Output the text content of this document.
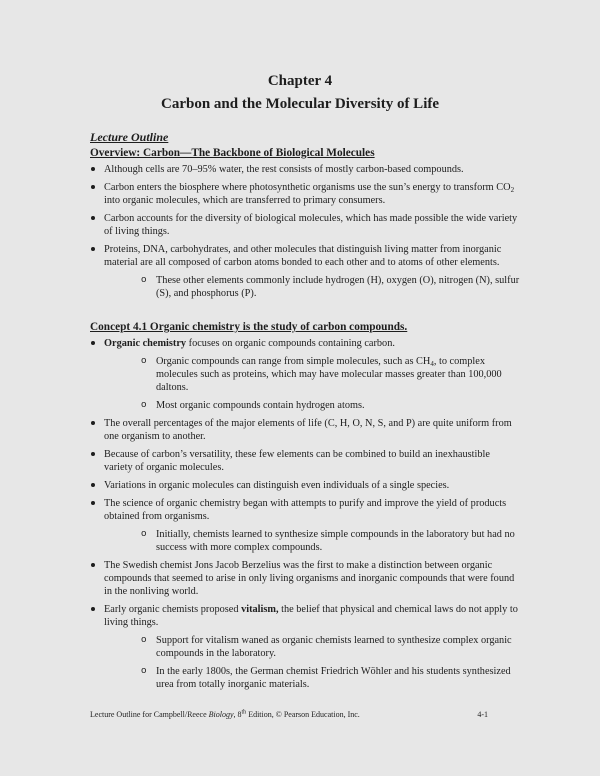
Chapter 4

Carbon and the Molecular Diversity of Life

Lecture Outline

Overview: Carbon—The Backbone of Biological Molecules

Although cells are 70–95% water, the rest consists of mostly carbon-based compounds.
Carbon enters the biosphere where photosynthetic organisms use the sun’s energy to transform $CO_2$ into organic molecules, which are transferred to primary consumers.
Carbon accounts for the diversity of biological molecules, which has made possible the wide variety of living things.
Proteins, DNA, carbohydrates, and other molecules that distinguish living matter from inorganic material are all composed of carbon atoms bonded to each other and to atoms of other elements.
o These other elements commonly include hydrogen (H), oxygen (O), nitrogen (N), sulfur (S), and phosphorus (P).

Concept 4.1 Organic chemistry is the study of carbon compounds.

Organic chemistry focuses on organic compounds containing carbon.
o Organic compounds can range from simple molecules, such as $CH_4$, to complex molecules such as proteins, which may have molecular masses greater than 100,000 daltons.
o Most organic compounds contain hydrogen atoms.
The overall percentages of the major elements of life (C, H, O, N, S, and P) are quite uniform from one organism to another.
Because of carbon’s versatility, these few elements can be combined to build an inexhaustible variety of organic molecules.
Variations in organic molecules can distinguish even individuals of a single species.
The science of organic chemistry began with attempts to purify and improve the yield of products obtained from organisms.
o Initially, chemists learned to synthesize simple compounds in the laboratory but had no success with more complex compounds.
The Swedish chemist Jons Jacob Berzelius was the first to make a distinction between organic compounds that seemed to arise in only living organisms and inorganic compounds that were found in the nonliving world.
Early organic chemists proposed vitalism, the belief that physical and chemical laws do not apply to living things.
o Support for vitalism waned as organic chemists learned to synthesize complex organic compounds in the laboratory.
o In the early 1800s, the German chemist Friedrich Wöhler and his students synthesized urea from totally inorganic materials.
Lecture Outline for Campbell/Reece Biology, 8th Edition, © Pearson Education, Inc.	4-1
